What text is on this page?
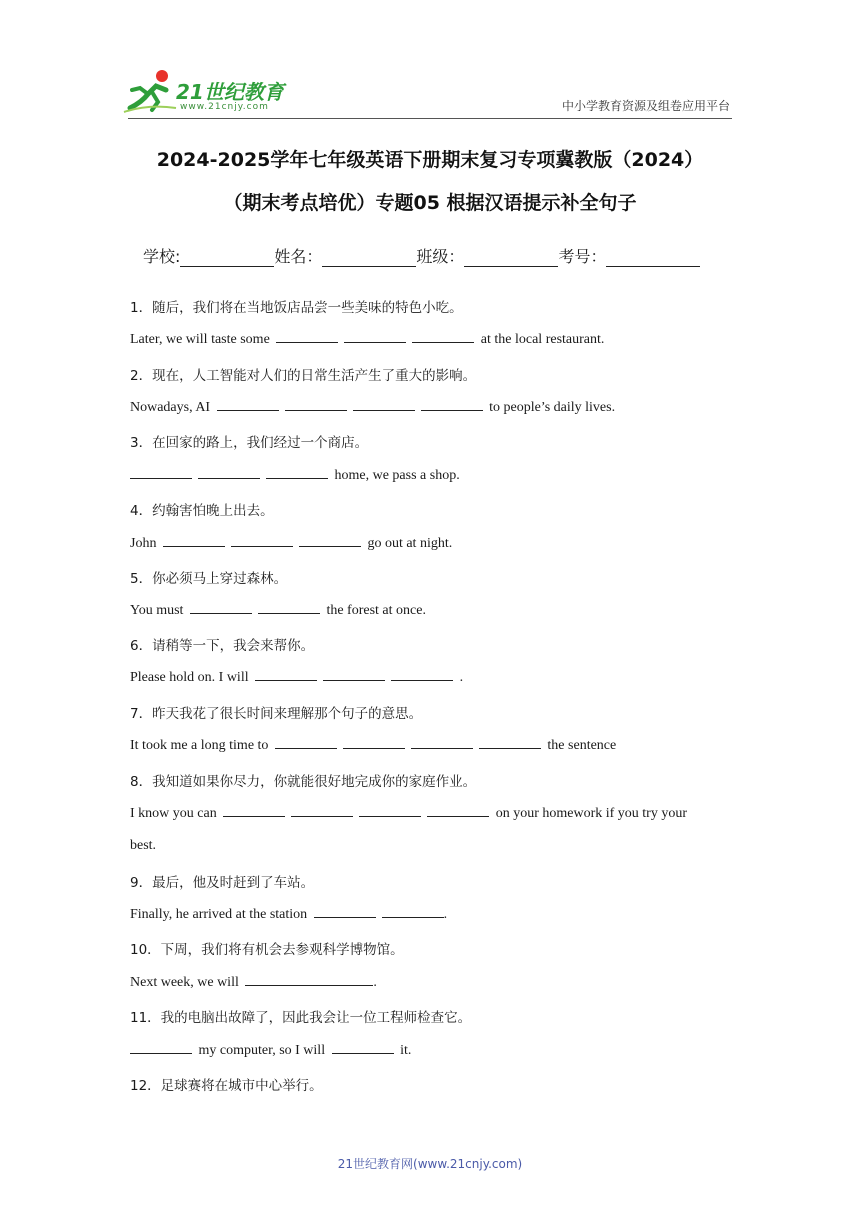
21世纪教育
www.21cnjy.com	中小学教育资源及组卷应用平台
2024-2025学年七年级英语下册期末复习专项冀教版（2024）
（期末考点培优）专题05 根据汉语提示补全句子
学校:	姓名：	班级：	考号：
1．随后，我们将在当地饭店品尝一些美味的特色小吃。
Later, we will taste some	at the local restaurant.
2．现在，人工智能对人们的日常生活产生了重大的影响。
Nowadays, AI	to people’s daily lives.
3．在回家的路上，我们经过一个商店。
home, we pass a shop.
4．约翰害怕晚上出去。
John	go out at night.
5．你必须马上穿过森林。
You must	the forest at once.
6．请稍等一下，我会来帮你。
Please hold on. I will	.
7．昨天我花了很长时间来理解那个句子的意思。
It took me a long time to	the sentence
8．我知道如果你尽力，你就能很好地完成你的家庭作业。
I know you can	on your homework if you try your
best.
9．最后，他及时赶到了车站。
Finally, he arrived at the station	.
10．下周，我们将有机会去参观科学博物馆。
Next week, we will	.
11．我的电脑出故障了，因此我会让一位工程师检查它。
my computer, so I will	it.
12．足球赛将在城市中心举行。
21世纪教育网(www.21cnjy.com)
